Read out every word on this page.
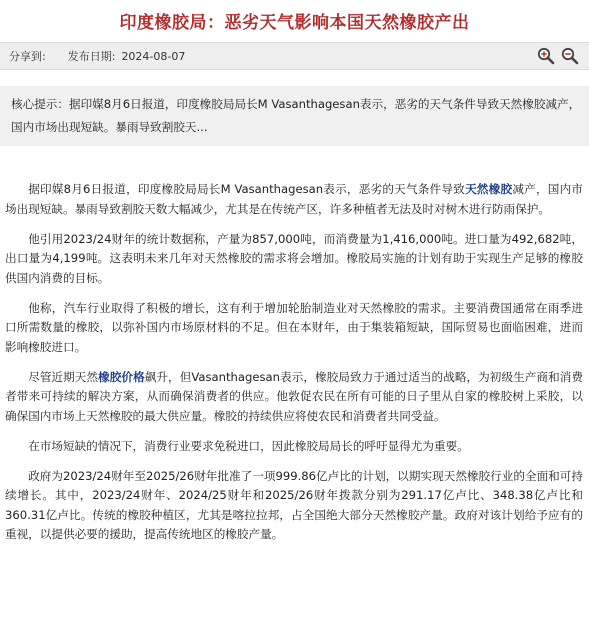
印度橡胶局：恶劣天气影响本国天然橡胶产出
分享到: 发布日期: 2024-08-07
核心提示：据印媒8月6日报道，印度橡胶局局长M Vasanthagesan表示，恶劣的天气条件导致天然橡胶减产，国内市场出现短缺。暴雨导致割胶天...

据印媒8月6日报道，印度橡胶局局长M Vasanthagesan表示，恶劣的天气条件导致天然橡胶减产，国内市场出现短缺。暴雨导致割胶天数大幅减少，尤其是在传统产区，许多种植者无法及时对树木进行防雨保护。

他引用2023/24财年的统计数据称，产量为857,000吨，而消费量为1,416,000吨。进口量为492,682吨，出口量为4,199吨。这表明未来几年对天然橡胶的需求将会增加。橡胶局实施的计划有助于实现生产足够的橡胶供国内消费的目标。

他称，汽车行业取得了积极的增长，这有利于增加轮胎制造业对天然橡胶的需求。主要消费国通常在雨季进口所需数量的橡胶，以弥补国内市场原材料的不足。但在本财年，由于集装箱短缺，国际贸易也面临困难，进而影响橡胶进口。

尽管近期天然橡胶价格飙升，但Vasanthagesan表示，橡胶局致力于通过适当的战略，为初级生产商和消费者带来可持续的解决方案，从而确保消费者的供应。他敦促农民在所有可能的日子里从自家的橡胶树上采胶，以确保国内市场上天然橡胶的最大供应量。橡胶的持续供应将使农民和消费者共同受益。

在市场短缺的情况下，消费行业要求免税进口，因此橡胶局局长的呼吁显得尤为重要。

政府为2023/24财年至2025/26财年批准了一项999.86亿卢比的计划，以期实现天然橡胶行业的全面和可持续增长。其中，2023/24财年、2024/25财年和2025/26财年拨款分别为291.17亿卢比、348.38亿卢比和360.31亿卢比。传统的橡胶种植区，尤其是喀拉拉邦，占全国绝大部分天然橡胶产量。政府对该计划给予应有的重视，以提供必要的援助，提高传统地区的橡胶产量。
